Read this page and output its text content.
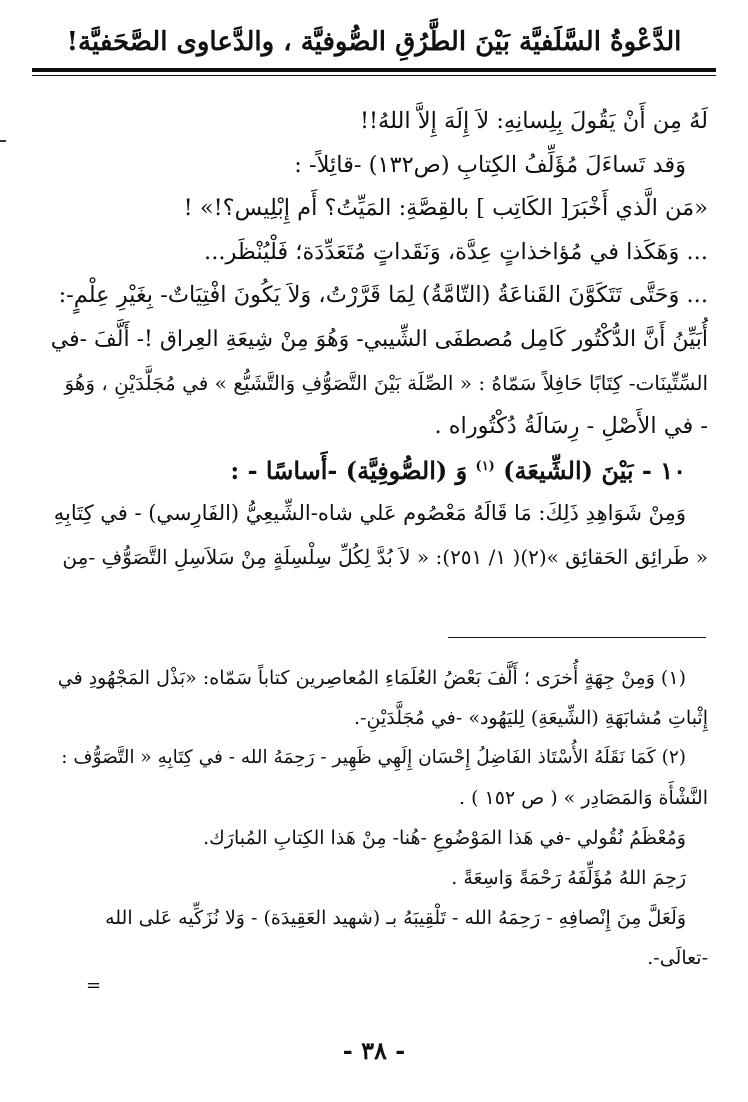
الدَّعْوةُ السَّلَفيَّة بَيْنَ الطَّرُقِ الصُّوفيَّة ، والدَّعاوى الصَّحَفيَّة!
لَهُ مِن أَنْ يَقُولَ بِلِسانِهِ: لاَ إِلَهَ إِلاَّ اللهُ!!
وَقد تَساءَلَ مُؤَلِّفُ الكِتابِ (ص١٣٢) -قائِلاً- :
«مَن الَّذي أَخْبَرَ[ الكَاتِب ] بالقِصَّةِ: المَيِّتُ؟ أَم إِبْلِيس؟!» !
... وَهَكَذا في مُؤاخذاتٍ عِدَّة، وَنَقَداتٍ مُتَعَدِّدَة؛ فَلْيُنْظَر...
... وَحَتَّى تَتَكَوَّنَ القَناعَةُ (التّامَّةُ) لِمَا قَرَّرْتُ، وَلاَ يَكُونَ افْتِيَاتٌ- بِغَيْرِ عِلْمٍ-:
أُبَيِّنُ أَنَّ الدُّكْتُور كَامِل مُصطفَى الشِّيبي- وَهُوَ مِنْ شِيعَةِ العِراق !- أَلَّفَ -في
السِّتِّينَات- كِتَابًا حَافِلاً سَمّاهُ : « الصِّلَة بَيْنَ التَّصَوُّفِ وَالتَّشَيُّع » في مُجَلَّدَيْنِ ، وَهُوَ
- في الأَصْلِ - رِسَالَةُ دُكْتُوراه .
١٠ - بَيْنَ (الشِّيعَة) $^{(١)}$ وَ (الصُّوفِيَّة) -أَساسًا - :
وَمِنْ شَوَاهِدِ ذَلِكَ: مَا قَالَهُ مَعْصُوم عَلي شاه-الشِّيعِيُّ (الفَارِسي) - في كِتَابِهِ
« طَرائِق الحَقائِق »(٢)( ١/ ٢٥١): « لاَ بُدَّ لِكُلِّ سِلْسِلَةٍ مِنْ سَلاَسِلِ التَّصَوُّفِ -مِن
(١) وَمِنْ جِهَةٍ أُخرَى ؛ أَلَّفَ بَعْضُ العُلَمَاءِ المُعاصِرين كتاباً سَمّاه: «بَذْل المَجْهُودِ في
إِثْباتِ مُشابَهَةِ (الشِّيعَةِ) لِليَهُود» -في مُجَلَّدَيْنِ-.
(٢) كَمَا نَقَلَهُ الأُسْتَاذ الفَاضِلُ إِحْسَان إِلَهِي ظَهِير - رَحِمَهُ الله - في كِتَابِهِ « التَّصَوُّف :
النَّشْأَة وَالمَصَادِر » ( ص ١٥٢ ) .
وَمُعْظَمُ نُقُولي -في هَذا المَوْضُوعِ -هُنا- مِنْ هَذا الكِتابِ المُبارَك.
رَحِمَ اللهُ مُؤَلِّفَهُ رَحْمَةً وَاسِعَةً .
وَلَعَلَّ مِنَ إِنْصافِهِ - رَحِمَهُ الله - تَلْقِيبَهُ بـ (شهيد العَقِيدَة) - وَلا نُزَكِّيه عَلى الله
-تعالَى-.
=
- ٣٨ -
